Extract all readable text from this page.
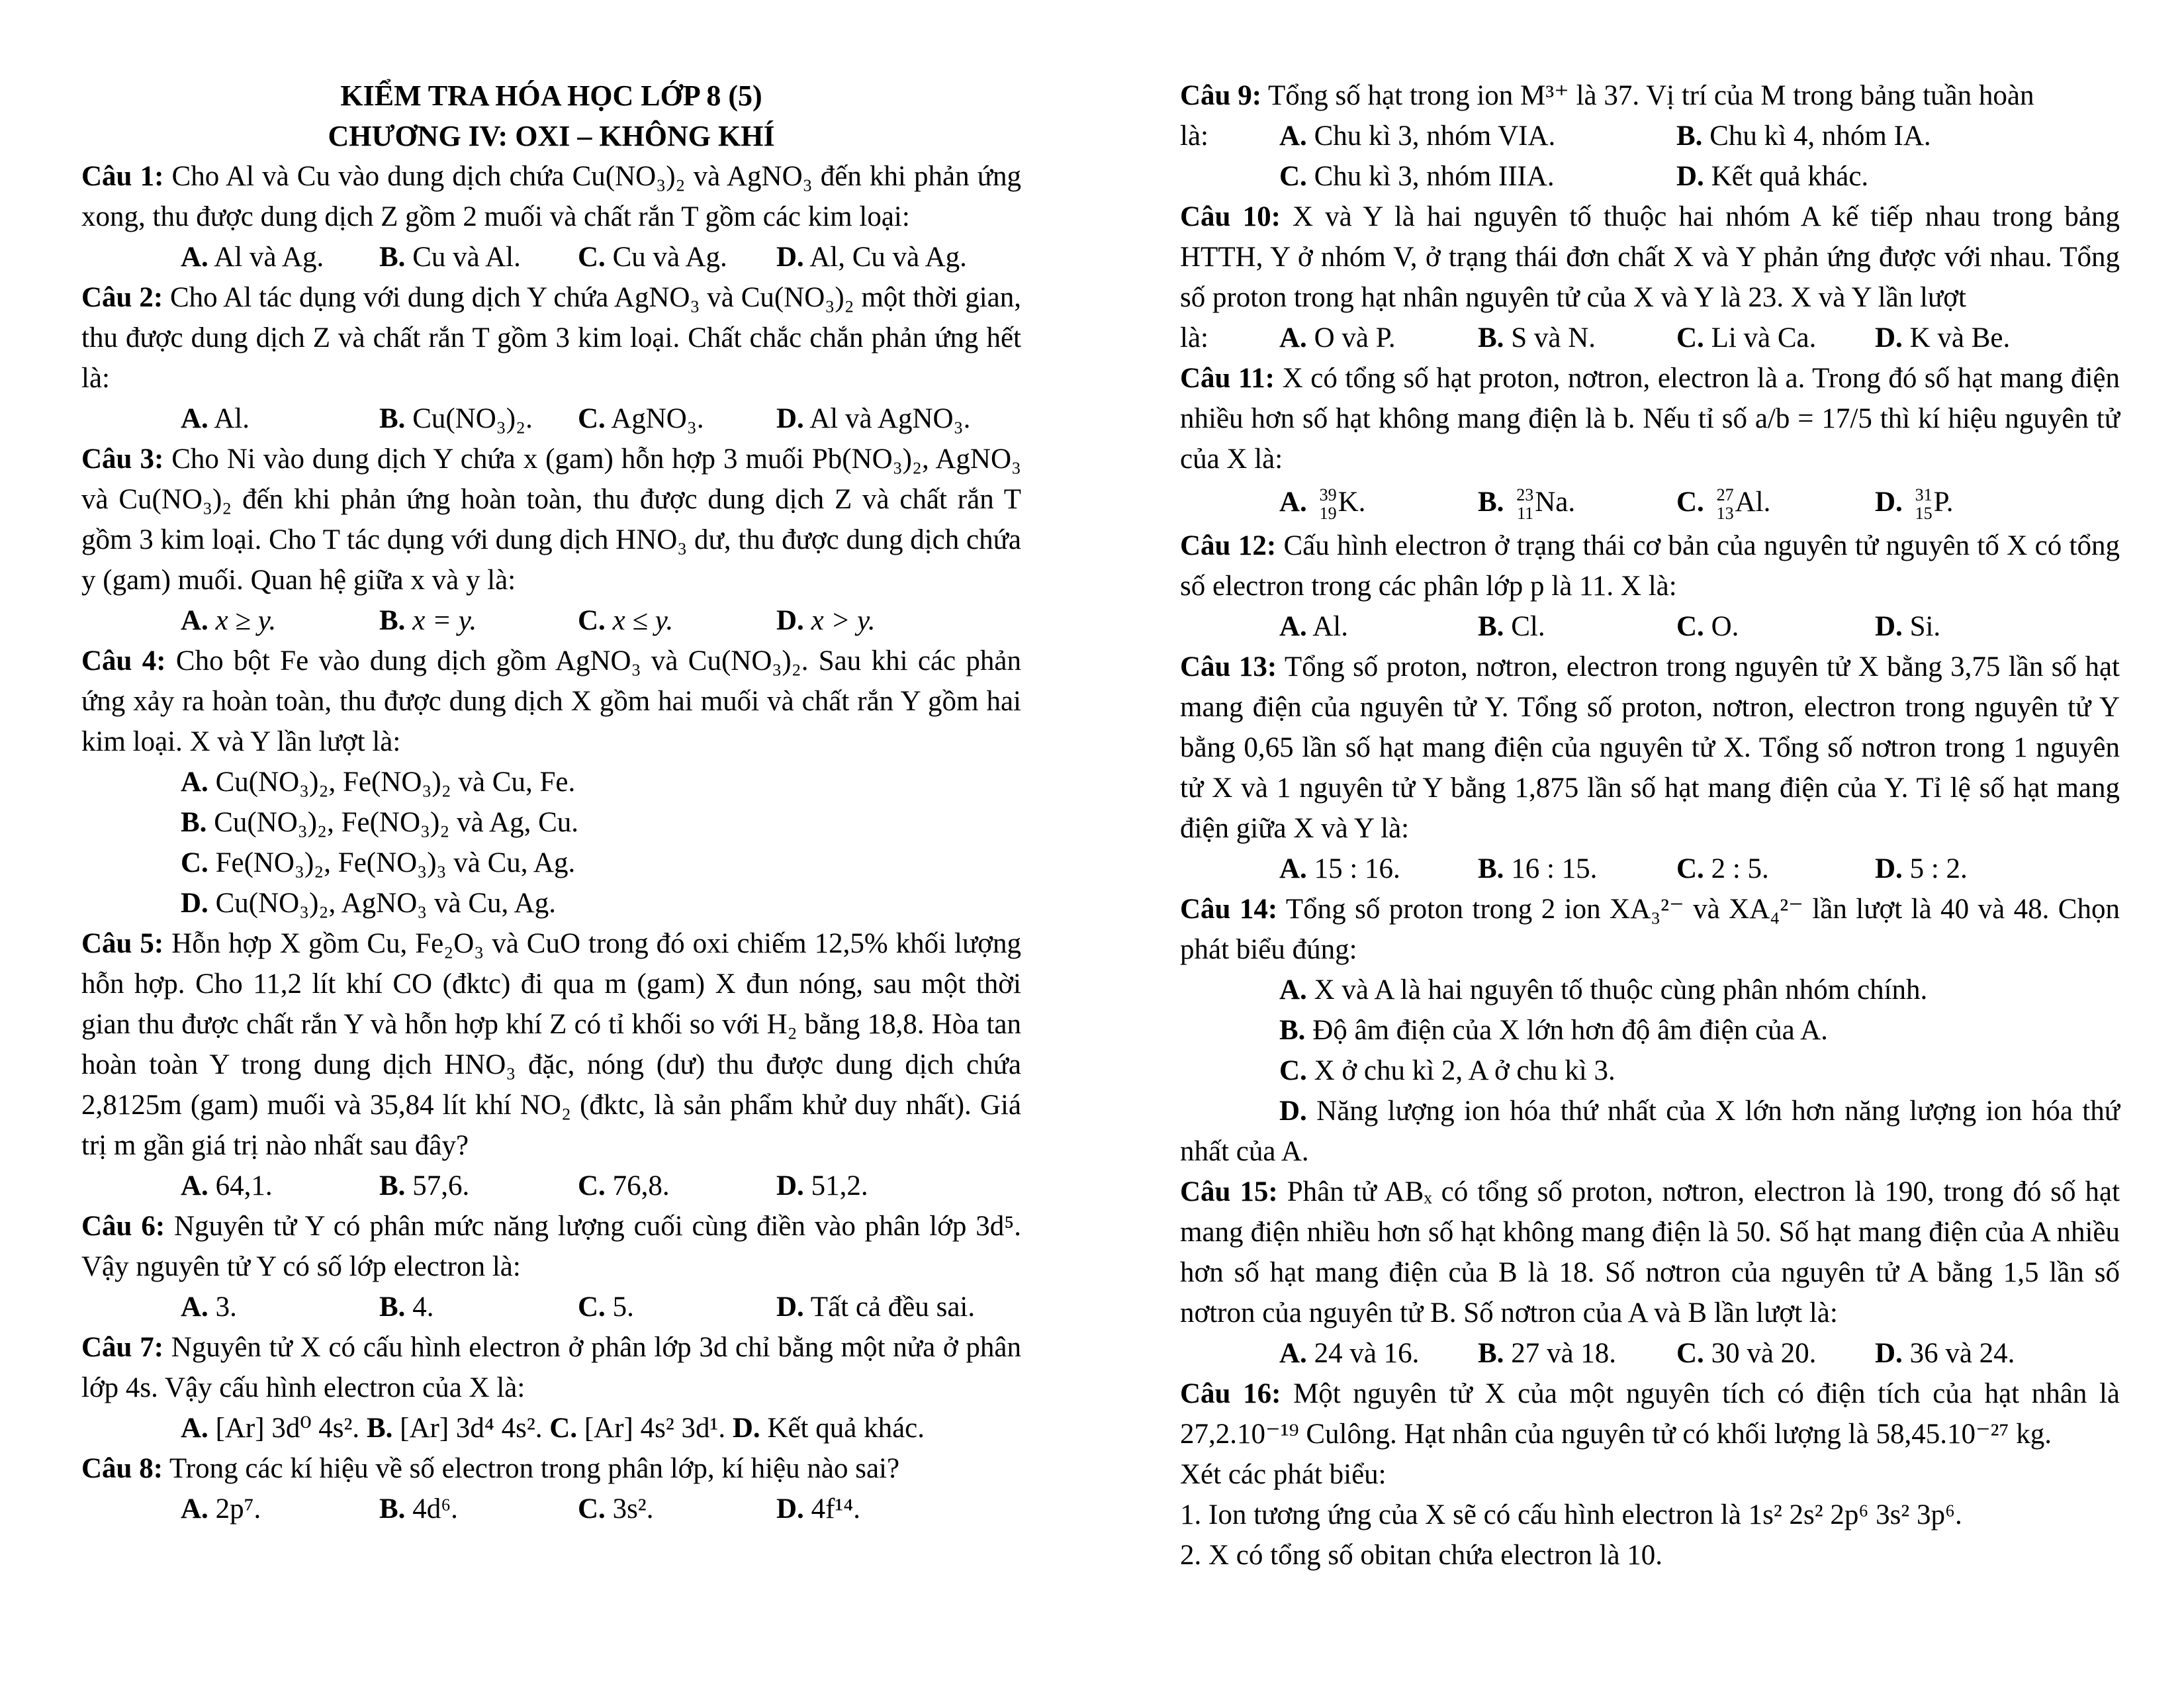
KIỂM TRA HÓA HỌC LỚP 8 (5)
CHƯƠNG IV: OXI – KHÔNG KHÍ
Câu 1: Cho Al và Cu vào dung dịch chứa Cu(NO₃)₂ và AgNO₃ đến khi phản ứng xong, thu được dung dịch Z gồm 2 muối và chất rắn T gồm các kim loại:
A. Al và Ag.	B. Cu và Al.	C. Cu và Ag.	D. Al, Cu và Ag.
Câu 2: Cho Al tác dụng với dung dịch Y chứa AgNO₃ và Cu(NO₃)₂ một thời gian, thu được dung dịch Z và chất rắn T gồm 3 kim loại. Chất chắc chắn phản ứng hết là:
A. Al.	B. Cu(NO₃)₂.	C. AgNO₃.	D. Al và AgNO₃.
Câu 3: Cho Ni vào dung dịch Y chứa x (gam) hỗn hợp 3 muối Pb(NO₃)₂, AgNO₃ và Cu(NO₃)₂ đến khi phản ứng hoàn toàn, thu được dung dịch Z và chất rắn T gồm 3 kim loại. Cho T tác dụng với dung dịch HNO₃ dư, thu được dung dịch chứa y (gam) muối. Quan hệ giữa x và y là:
A. x ≥ y.	B. x = y.	C. x ≤ y.	D. x > y.
Câu 4: Cho bột Fe vào dung dịch gồm AgNO₃ và Cu(NO₃)₂. Sau khi các phản ứng xảy ra hoàn toàn, thu được dung dịch X gồm hai muối và chất rắn Y gồm hai kim loại. X và Y lần lượt là:
A. Cu(NO₃)₂, Fe(NO₃)₂ và Cu, Fe.
B. Cu(NO₃)₂, Fe(NO₃)₂ và Ag, Cu.
C. Fe(NO₃)₂, Fe(NO₃)₃ và Cu, Ag.
D. Cu(NO₃)₂, AgNO₃ và Cu, Ag.
Câu 5: Hỗn hợp X gồm Cu, Fe₂O₃ và CuO trong đó oxi chiếm 12,5% khối lượng hỗn hợp. Cho 11,2 lít khí CO (đktc) đi qua m (gam) X đun nóng, sau một thời gian thu được chất rắn Y và hỗn hợp khí Z có tỉ khối so với H₂ bằng 18,8. Hòa tan hoàn toàn Y trong dung dịch HNO₃ đặc, nóng (dư) thu được dung dịch chứa 2,8125m (gam) muối và 35,84 lít khí NO₂ (đktc, là sản phẩm khử duy nhất). Giá trị m gần giá trị nào nhất sau đây?
A. 64,1.	B. 57,6.	C. 76,8.	D. 51,2.
Câu 6: Nguyên tử Y có phân mức năng lượng cuối cùng điền vào phân lớp 3d⁵. Vậy nguyên tử Y có số lớp electron là:
A. 3.	B. 4.	C. 5.	D. Tất cả đều sai.
Câu 7: Nguyên tử X có cấu hình electron ở phân lớp 3d chỉ bằng một nửa ở phân lớp 4s. Vậy cấu hình electron của X là:
A. [Ar] 3d⁰ 4s². B. [Ar] 3d⁴ 4s². C. [Ar] 4s² 3d¹. D. Kết quả khác.
Câu 8: Trong các kí hiệu về số electron trong phân lớp, kí hiệu nào sai?
A. 2p⁷.	B. 4d⁶.	C. 3s².	D. 4f¹⁴.
Câu 9: Tổng số hạt trong ion M³⁺ là 37. Vị trí của M trong bảng tuần hoàn
là:	A. Chu kì 3, nhóm VIA.	B. Chu kì 4, nhóm IA.
C. Chu kì 3, nhóm IIIA.	D. Kết quả khác.
Câu 10: X và Y là hai nguyên tố thuộc hai nhóm A kế tiếp nhau trong bảng HTTH, Y ở nhóm V, ở trạng thái đơn chất X và Y phản ứng được với nhau. Tổng số proton trong hạt nhân nguyên tử của X và Y là 23. X và Y lần lượt
là:	A. O và P.	B. S và N.	C. Li và Ca.	D. K và Be.
Câu 11: X có tổng số hạt proton, nơtron, electron là a. Trong đó số hạt mang điện nhiều hơn số hạt không mang điện là b. Nếu tỉ số a/b = 17/5 thì kí hiệu nguyên tử của X là:
A. 39
19 K.	B. 23
11 Na.	C. 27
13 Al.	D. 31
15 P.
Câu 12: Cấu hình electron ở trạng thái cơ bản của nguyên tử nguyên tố X có tổng số electron trong các phân lớp p là 11. X là:
A. Al.	B. Cl.	C. O.	D. Si.
Câu 13: Tổng số proton, nơtron, electron trong nguyên tử X bằng 3,75 lần số hạt mang điện của nguyên tử Y. Tổng số proton, nơtron, electron trong nguyên tử Y bằng 0,65 lần số hạt mang điện của nguyên tử X. Tổng số nơtron trong 1 nguyên tử X và 1 nguyên tử Y bằng 1,875 lần số hạt mang điện của Y. Tỉ lệ số hạt mang điện giữa X và Y là:
A. 15 : 16.	B. 16 : 15.	C. 2 : 5.	D. 5 : 2.
Câu 14: Tổng số proton trong 2 ion XA₃²⁻ và XA₄²⁻ lần lượt là 40 và 48. Chọn phát biểu đúng:
A. X và A là hai nguyên tố thuộc cùng phân nhóm chính.
B. Độ âm điện của X lớn hơn độ âm điện của A.
C. X ở chu kì 2, A ở chu kì 3.
D. Năng lượng ion hóa thứ nhất của X lớn hơn năng lượng ion hóa thứ nhất của A.
Câu 15: Phân tử ABₓ có tổng số proton, nơtron, electron là 190, trong đó số hạt mang điện nhiều hơn số hạt không mang điện là 50. Số hạt mang điện của A nhiều hơn số hạt mang điện của B là 18. Số nơtron của nguyên tử A bằng 1,5 lần số nơtron của nguyên tử B. Số nơtron của A và B lần lượt là:
A. 24 và 16.	B. 27 và 18.	C. 30 và 20.	D. 36 và 24.
Câu 16: Một nguyên tử X của một nguyên tích có điện tích của hạt nhân là 27,2.10⁻¹⁹ Culông. Hạt nhân của nguyên tử có khối lượng là 58,45.10⁻²⁷ kg.
Xét các phát biểu:
1. Ion tương ứng của X sẽ có cấu hình electron là 1s² 2s² 2p⁶ 3s² 3p⁶.
2. X có tổng số obitan chứa electron là 10.
